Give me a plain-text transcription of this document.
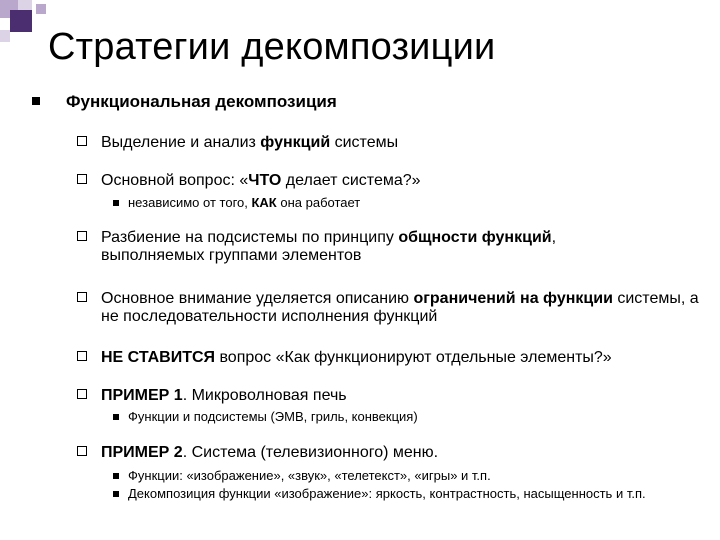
Стратегии декомпозиции
Функциональная декомпозиция
Выделение и анализ функций системы
Основной вопрос: «ЧТО делает система?»
независимо от того, КАК она работает
Разбиение на подсистемы по принципу общности функций, выполняемых группами элементов
Основное внимание уделяется описанию ограничений на функции системы, а не последовательности исполнения функций
НЕ СТАВИТСЯ вопрос «Как функционируют отдельные элементы?»
ПРИМЕР 1. Микроволновая печь
Функции и подсистемы (ЭМВ, гриль, конвекция)
ПРИМЕР 2. Система (телевизионного) меню.
Функции: «изображение», «звук», «телетекст», «игры» и т.п.
Декомпозиция функции «изображение»: яркость, контрастность, насыщенность и т.п.
